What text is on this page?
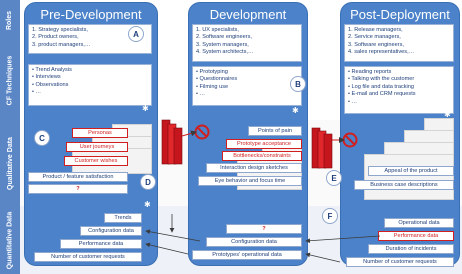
Roles
CF Techniques
Qualitative Data
Quantitative Data
Pre-Development	Development	Post-Deployment
1. Strategy specialists,
2. Product owners,
3. product managers,…
A	1. UX specialists,
2. Software engineers,
3. System managers,
4. System architects,…
1. Release managers,
2. Service managers,
3. Software engineers,
4. sales representatives,…
• Trend Analysis
• Interviews
• Observations
• …
• Prototyping
• Questionnaires
• Filming use
• …
B
• Reading reports
• Talking with the customer
• Log file and data tracking
• E-mail and CRM requests
• …
C
Personas
User journeys
Customer wishes
Product / feature satisfaction
?
D
Points of pain
Prototype acceptance
Bottlenecks/constraints
Interaction design sketches
Eye behavior and focus time	E
Appeal of the product
Business case descriptions
Trends
Configuration data
Performance data
Number of customer requests
?
Configuration data
Prototypes' operational data
F
Operational data
Performance data
Duration of incidents
Number of customer requests
✱
✱	✱	✱
✱
